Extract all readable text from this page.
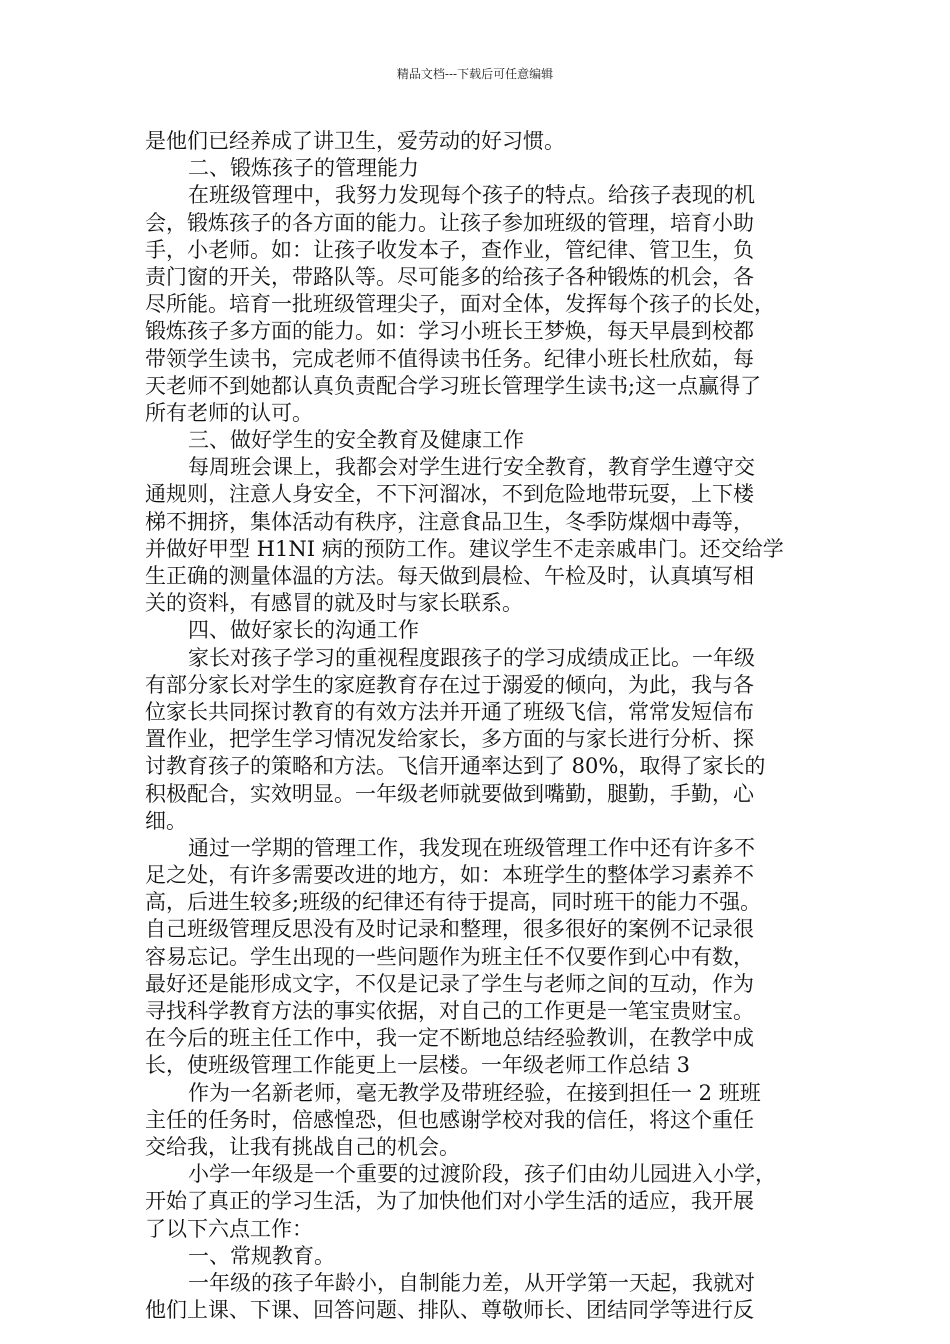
精品文档---下载后可任意编辑
是他们已经养成了讲卫生，爱劳动的好习惯。
二、锻炼孩子的管理能力
在班级管理中，我努力发现每个孩子的特点。给孩子表现的机
会，锻炼孩子的各方面的能力。让孩子参加班级的管理，培育小助
手，小老师。如：让孩子收发本子，查作业，管纪律、管卫生，负
责门窗的开关，带路队等。尽可能多的给孩子各种锻炼的机会，各
尽所能。培育一批班级管理尖子，面对全体，发挥每个孩子的长处，
锻炼孩子多方面的能力。如：学习小班长王梦焕，每天早晨到校都
带领学生读书，完成老师不值得读书任务。纪律小班长杜欣茹，每
天老师不到她都认真负责配合学习班长管理学生读书;这一点赢得了
所有老师的认可。
三、做好学生的安全教育及健康工作
每周班会课上，我都会对学生进行安全教育，教育学生遵守交
通规则，注意人身安全，不下河溜冰，不到危险地带玩耍，上下楼
梯不拥挤，集体活动有秩序，注意食品卫生，冬季防煤烟中毒等，
并做好甲型 H1NI 病的预防工作。建议学生不走亲戚串门。还交给学
生正确的测量体温的方法。每天做到晨检、午检及时，认真填写相
关的资料，有感冒的就及时与家长联系。
四、做好家长的沟通工作
家长对孩子学习的重视程度跟孩子的学习成绩成正比。一年级
有部分家长对学生的家庭教育存在过于溺爱的倾向，为此，我与各
位家长共同探讨教育的有效方法并开通了班级飞信，常常发短信布
置作业，把学生学习情况发给家长，多方面的与家长进行分析、探
讨教育孩子的策略和方法。飞信开通率达到了 80%，取得了家长的
积极配合，实效明显。一年级老师就要做到嘴勤，腿勤，手勤，心
细。
通过一学期的管理工作，我发现在班级管理工作中还有许多不
足之处，有许多需要改进的地方，如：本班学生的整体学习素养不
高，后进生较多;班级的纪律还有待于提高，同时班干的能力不强。
自己班级管理反思没有及时记录和整理，很多很好的案例不记录很
容易忘记。学生出现的一些问题作为班主任不仅要作到心中有数，
最好还是能形成文字，不仅是记录了学生与老师之间的互动，作为
寻找科学教育方法的事实依据，对自己的工作更是一笔宝贵财宝。
在今后的班主任工作中，我一定不断地总结经验教训，在教学中成
长，使班级管理工作能更上一层楼。一年级老师工作总结 3
作为一名新老师，毫无教学及带班经验，在接到担任一 2 班班
主任的任务时，倍感惶恐，但也感谢学校对我的信任，将这个重任
交给我，让我有挑战自己的机会。
小学一年级是一个重要的过渡阶段，孩子们由幼儿园进入小学，
开始了真正的学习生活，为了加快他们对小学生活的适应，我开展
了以下六点工作：
一、常规教育。
一年级的孩子年龄小，自制能力差，从开学第一天起，我就对
他们上课、下课、回答问题、排队、尊敬师长、团结同学等进行反
